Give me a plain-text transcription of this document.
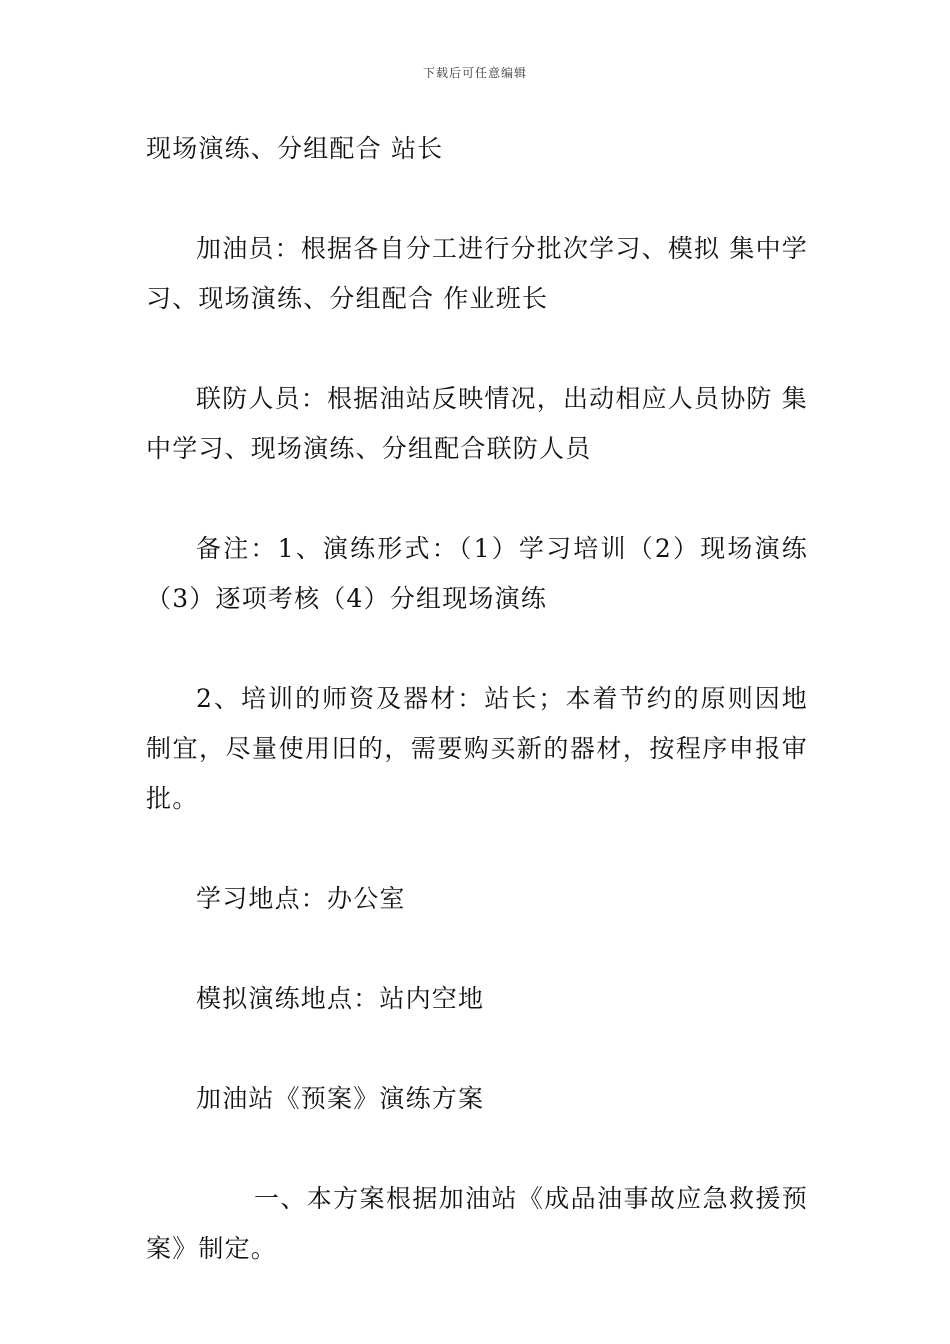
下载后可任意编辑

现场演练、分组配合 站长

加油员：根据各自分工进行分批次学习、模拟 集中学习、现场演练、分组配合 作业班长

联防人员：根据油站反映情况，出动相应人员协防 集中学习、现场演练、分组配合联防人员

备注：1、演练形式：（1）学习培训（2）现场演练（3）逐项考核（4）分组现场演练

2、培训的师资及器材：站长；本着节约的原则因地制宜，尽量使用旧的，需要购买新的器材，按程序申报审批。

学习地点：办公室

模拟演练地点：站内空地

加油站《预案》演练方案

一、本方案根据加油站《成品油事故应急救援预案》制定。
